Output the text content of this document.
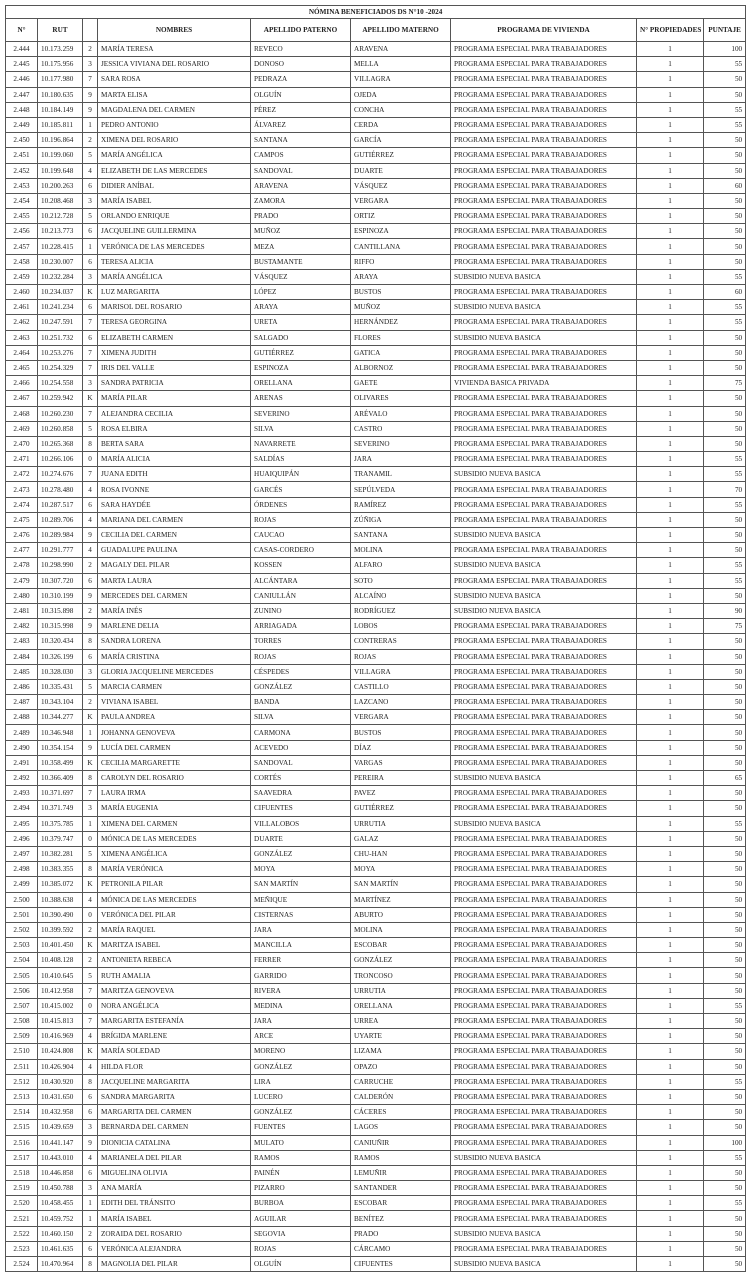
NÓMINA BENEFICIADOS DS N°10 -2024								
N°	RUT		NOMBRES	APELLIDO PATERNO	APELLIDO MATERNO	PROGRAMA DE VIVIENDA	N° PROPIEDADES	PUNTAJE
2.444	10.173.259	2	MARÍA TERESA	REVECO	ARAVENA	PROGRAMA ESPECIAL PARA TRABAJADORES	1	100
2.445	10.175.956	3	JESSICA VIVIANA DEL ROSARIO	DONOSO	MELLA	PROGRAMA ESPECIAL PARA TRABAJADORES	1	55
2.446	10.177.980	7	SARA ROSA	PEDRAZA	VILLAGRA	PROGRAMA ESPECIAL PARA TRABAJADORES	1	50
2.447	10.180.635	9	MARTA ELISA	OLGUÍN	OJEDA	PROGRAMA ESPECIAL PARA TRABAJADORES	1	50
2.448	10.184.149	9	MAGDALENA DEL CARMEN	PÉREZ	CONCHA	PROGRAMA ESPECIAL PARA TRABAJADORES	1	55
2.449	10.185.811	1	PEDRO ANTONIO	ÁLVAREZ	CERDA	PROGRAMA ESPECIAL PARA TRABAJADORES	1	55
2.450	10.196.864	2	XIMENA DEL ROSARIO	SANTANA	GARCÍA	PROGRAMA ESPECIAL PARA TRABAJADORES	1	50
2.451	10.199.060	5	MARÍA ANGÉLICA	CAMPOS	GUTIÉRREZ	PROGRAMA ESPECIAL PARA TRABAJADORES	1	50
2.452	10.199.648	4	ELIZABETH DE LAS MERCEDES	SANDOVAL	DUARTE	PROGRAMA ESPECIAL PARA TRABAJADORES	1	50
2.453	10.200.263	6	DIDIER ANÍBAL	ARAVENA	VÁSQUEZ	PROGRAMA ESPECIAL PARA TRABAJADORES	1	60
2.454	10.208.468	3	MARÍA ISABEL	ZAMORA	VERGARA	PROGRAMA ESPECIAL PARA TRABAJADORES	1	50
2.455	10.212.728	5	ORLANDO ENRIQUE	PRADO	ORTIZ	PROGRAMA ESPECIAL PARA TRABAJADORES	1	50
2.456	10.213.773	6	JACQUELINE GUILLERMINA	MUÑOZ	ESPINOZA	PROGRAMA ESPECIAL PARA TRABAJADORES	1	50
2.457	10.228.415	1	VERÓNICA DE LAS MERCEDES	MEZA	CANTILLANA	PROGRAMA ESPECIAL PARA TRABAJADORES	1	50
2.458	10.230.007	6	TERESA ALICIA	BUSTAMANTE	RIFFO	PROGRAMA ESPECIAL PARA TRABAJADORES	1	50
2.459	10.232.284	3	MARÍA ANGÉLICA	VÁSQUEZ	ARAYA	SUBSIDIO NUEVA BASICA	1	55
2.460	10.234.037	K	LUZ MARGARITA	LÓPEZ	BUSTOS	PROGRAMA ESPECIAL PARA TRABAJADORES	1	60
2.461	10.241.234	6	MARISOL DEL ROSARIO	ARAYA	MUÑOZ	SUBSIDIO NUEVA BASICA	1	55
2.462	10.247.591	7	TERESA GEORGINA	URETA	HERNÁNDEZ	PROGRAMA ESPECIAL PARA TRABAJADORES	1	55
2.463	10.251.732	6	ELIZABETH CARMEN	SALGADO	FLORES	SUBSIDIO NUEVA BASICA	1	50
2.464	10.253.276	7	XIMENA JUDITH	GUTIÉRREZ	GATICA	PROGRAMA ESPECIAL PARA TRABAJADORES	1	50
2.465	10.254.329	7	IRIS DEL VALLE	ESPINOZA	ALBORNOZ	PROGRAMA ESPECIAL PARA TRABAJADORES	1	50
2.466	10.254.558	3	SANDRA PATRICIA	ORELLANA	GAETE	VIVIENDA BASICA PRIVADA	1	75
2.467	10.259.942	K	MARÍA PILAR	ARENAS	OLIVARES	PROGRAMA ESPECIAL PARA TRABAJADORES	1	50
2.468	10.260.230	7	ALEJANDRA CECILIA	SEVERINO	ARÉVALO	PROGRAMA ESPECIAL PARA TRABAJADORES	1	50
2.469	10.260.858	5	ROSA ELBIRA	SILVA	CASTRO	PROGRAMA ESPECIAL PARA TRABAJADORES	1	50
2.470	10.265.368	8	BERTA SARA	NAVARRETE	SEVERINO	PROGRAMA ESPECIAL PARA TRABAJADORES	1	50
2.471	10.266.106	0	MARÍA ALICIA	SALDÍAS	JARA	PROGRAMA ESPECIAL PARA TRABAJADORES	1	55
2.472	10.274.676	7	JUANA EDITH	HUAIQUIPÁN	TRANAMIL	SUBSIDIO NUEVA BASICA	1	55
2.473	10.278.480	4	ROSA IVONNE	GARCÉS	SEPÚLVEDA	PROGRAMA ESPECIAL PARA TRABAJADORES	1	70
2.474	10.287.517	6	SARA HAYDÉE	ÓRDENES	RAMÍREZ	PROGRAMA ESPECIAL PARA TRABAJADORES	1	55
2.475	10.289.706	4	MARIANA DEL CARMEN	ROJAS	ZÚÑIGA	PROGRAMA ESPECIAL PARA TRABAJADORES	1	50
2.476	10.289.984	9	CECILIA DEL CARMEN	CAUCAO	SANTANA	SUBSIDIO NUEVA BASICA	1	50
2.477	10.291.777	4	GUADALUPE PAULINA	CASAS-CORDERO	MOLINA	PROGRAMA ESPECIAL PARA TRABAJADORES	1	50
2.478	10.298.990	2	MAGALY DEL PILAR	KOSSEN	ALFARO	SUBSIDIO NUEVA BASICA	1	55
2.479	10.307.720	6	MARTA LAURA	ALCÁNTARA	SOTO	PROGRAMA ESPECIAL PARA TRABAJADORES	1	55
2.480	10.310.199	9	MERCEDES DEL CARMEN	CANIULLÁN	ALCAÍNO	SUBSIDIO NUEVA BASICA	1	50
2.481	10.315.898	2	MARÍA INÉS	ZUNINO	RODRÍGUEZ	SUBSIDIO NUEVA BASICA	1	90
2.482	10.315.998	9	MARLENE DELIA	ARRIAGADA	LOBOS	PROGRAMA ESPECIAL PARA TRABAJADORES	1	75
2.483	10.320.434	8	SANDRA LORENA	TORRES	CONTRERAS	PROGRAMA ESPECIAL PARA TRABAJADORES	1	50
2.484	10.326.199	6	MARÍA CRISTINA	ROJAS	ROJAS	PROGRAMA ESPECIAL PARA TRABAJADORES	1	50
2.485	10.328.030	3	GLORIA JACQUELINE MERCEDES	CÉSPEDES	VILLAGRA	PROGRAMA ESPECIAL PARA TRABAJADORES	1	50
2.486	10.335.431	5	MARCIA CARMEN	GONZÁLEZ	CASTILLO	PROGRAMA ESPECIAL PARA TRABAJADORES	1	50
2.487	10.343.104	2	VIVIANA ISABEL	BANDA	LAZCANO	PROGRAMA ESPECIAL PARA TRABAJADORES	1	50
2.488	10.344.277	K	PAULA ANDREA	SILVA	VERGARA	PROGRAMA ESPECIAL PARA TRABAJADORES	1	50
2.489	10.346.948	1	JOHANNA GENOVEVA	CARMONA	BUSTOS	PROGRAMA ESPECIAL PARA TRABAJADORES	1	50
2.490	10.354.154	9	LUCÍA DEL CARMEN	ACEVEDO	DÍAZ	PROGRAMA ESPECIAL PARA TRABAJADORES	1	50
2.491	10.358.499	K	CECILIA MARGARETTE	SANDOVAL	VARGAS	PROGRAMA ESPECIAL PARA TRABAJADORES	1	50
2.492	10.366.409	8	CAROLYN DEL ROSARIO	CORTÉS	PEREIRA	SUBSIDIO NUEVA BASICA	1	65
2.493	10.371.697	7	LAURA IRMA	SAAVEDRA	PAVEZ	PROGRAMA ESPECIAL PARA TRABAJADORES	1	50
2.494	10.371.749	3	MARÍA EUGENIA	CIFUENTES	GUTIÉRREZ	PROGRAMA ESPECIAL PARA TRABAJADORES	1	50
2.495	10.375.785	1	XIMENA DEL CARMEN	VILLALOBOS	URRUTIA	SUBSIDIO NUEVA BASICA	1	55
2.496	10.379.747	0	MÓNICA DE LAS MERCEDES	DUARTE	GALAZ	PROGRAMA ESPECIAL PARA TRABAJADORES	1	50
2.497	10.382.281	5	XIMENA ANGÉLICA	GONZÁLEZ	CHU-HAN	PROGRAMA ESPECIAL PARA TRABAJADORES	1	50
2.498	10.383.355	8	MARÍA VERÓNICA	MOYA	MOYA	PROGRAMA ESPECIAL PARA TRABAJADORES	1	50
2.499	10.385.072	K	PETRONILA PILAR	SAN MARTÍN	SAN MARTÍN	PROGRAMA ESPECIAL PARA TRABAJADORES	1	50
2.500	10.388.638	4	MÓNICA DE LAS MERCEDES	MEÑIQUE	MARTÍNEZ	PROGRAMA ESPECIAL PARA TRABAJADORES	1	50
2.501	10.390.490	0	VERÓNICA DEL PILAR	CISTERNAS	ABURTO	PROGRAMA ESPECIAL PARA TRABAJADORES	1	50
2.502	10.399.592	2	MARÍA RAQUEL	JARA	MOLINA	PROGRAMA ESPECIAL PARA TRABAJADORES	1	50
2.503	10.401.450	K	MARITZA ISABEL	MANCILLA	ESCOBAR	PROGRAMA ESPECIAL PARA TRABAJADORES	1	50
2.504	10.408.128	2	ANTONIETA REBECA	FERRER	GONZÁLEZ	PROGRAMA ESPECIAL PARA TRABAJADORES	1	50
2.505	10.410.645	5	RUTH AMALIA	GARRIDO	TRONCOSO	PROGRAMA ESPECIAL PARA TRABAJADORES	1	50
2.506	10.412.958	7	MARITZA GENOVEVA	RIVERA	URRUTIA	PROGRAMA ESPECIAL PARA TRABAJADORES	1	50
2.507	10.415.002	0	NORA ANGÉLICA	MEDINA	ORELLANA	PROGRAMA ESPECIAL PARA TRABAJADORES	1	55
2.508	10.415.813	7	MARGARITA ESTEFANÍA	JARA	URREA	PROGRAMA ESPECIAL PARA TRABAJADORES	1	50
2.509	10.416.969	4	BRÍGIDA MARLENE	ARCE	UYARTE	PROGRAMA ESPECIAL PARA TRABAJADORES	1	50
2.510	10.424.808	K	MARÍA SOLEDAD	MORENO	LIZAMA	PROGRAMA ESPECIAL PARA TRABAJADORES	1	50
2.511	10.426.904	4	HILDA FLOR	GONZÁLEZ	OPAZO	PROGRAMA ESPECIAL PARA TRABAJADORES	1	50
2.512	10.430.920	8	JACQUELINE MARGARITA	LIRA	CARRUCHE	PROGRAMA ESPECIAL PARA TRABAJADORES	1	55
2.513	10.431.650	6	SANDRA MARGARITA	LUCERO	CALDERÓN	PROGRAMA ESPECIAL PARA TRABAJADORES	1	50
2.514	10.432.958	6	MARGARITA DEL CARMEN	GONZÁLEZ	CÁCERES	PROGRAMA ESPECIAL PARA TRABAJADORES	1	50
2.515	10.439.659	3	BERNARDA DEL CARMEN	FUENTES	LAGOS	PROGRAMA ESPECIAL PARA TRABAJADORES	1	50
2.516	10.441.147	9	DIONICIA CATALINA	MULATO	CANIUÑIR	PROGRAMA ESPECIAL PARA TRABAJADORES	1	100
2.517	10.443.010	4	MARIANELA DEL PILAR	RAMOS	RAMOS	SUBSIDIO NUEVA BASICA	1	55
2.518	10.446.858	6	MIGUELINA OLIVIA	PAINÉN	LEMUÑIR	PROGRAMA ESPECIAL PARA TRABAJADORES	1	50
2.519	10.450.788	3	ANA MARÍA	PIZARRO	SANTANDER	PROGRAMA ESPECIAL PARA TRABAJADORES	1	50
2.520	10.458.455	1	EDITH DEL TRÁNSITO	BURBOA	ESCOBAR	PROGRAMA ESPECIAL PARA TRABAJADORES	1	55
2.521	10.459.752	1	MARÍA ISABEL	AGUILAR	BENÍTEZ	PROGRAMA ESPECIAL PARA TRABAJADORES	1	50
2.522	10.460.150	2	ZORAIDA DEL ROSARIO	SEGOVIA	PRADO	SUBSIDIO NUEVA BASICA	1	50
2.523	10.461.635	6	VERÓNICA ALEJANDRA	ROJAS	CÁRCAMO	PROGRAMA ESPECIAL PARA TRABAJADORES	1	50
2.524	10.470.964	8	MAGNOLIA DEL PILAR	OLGUÍN	CIFUENTES	SUBSIDIO NUEVA BASICA	1	50
